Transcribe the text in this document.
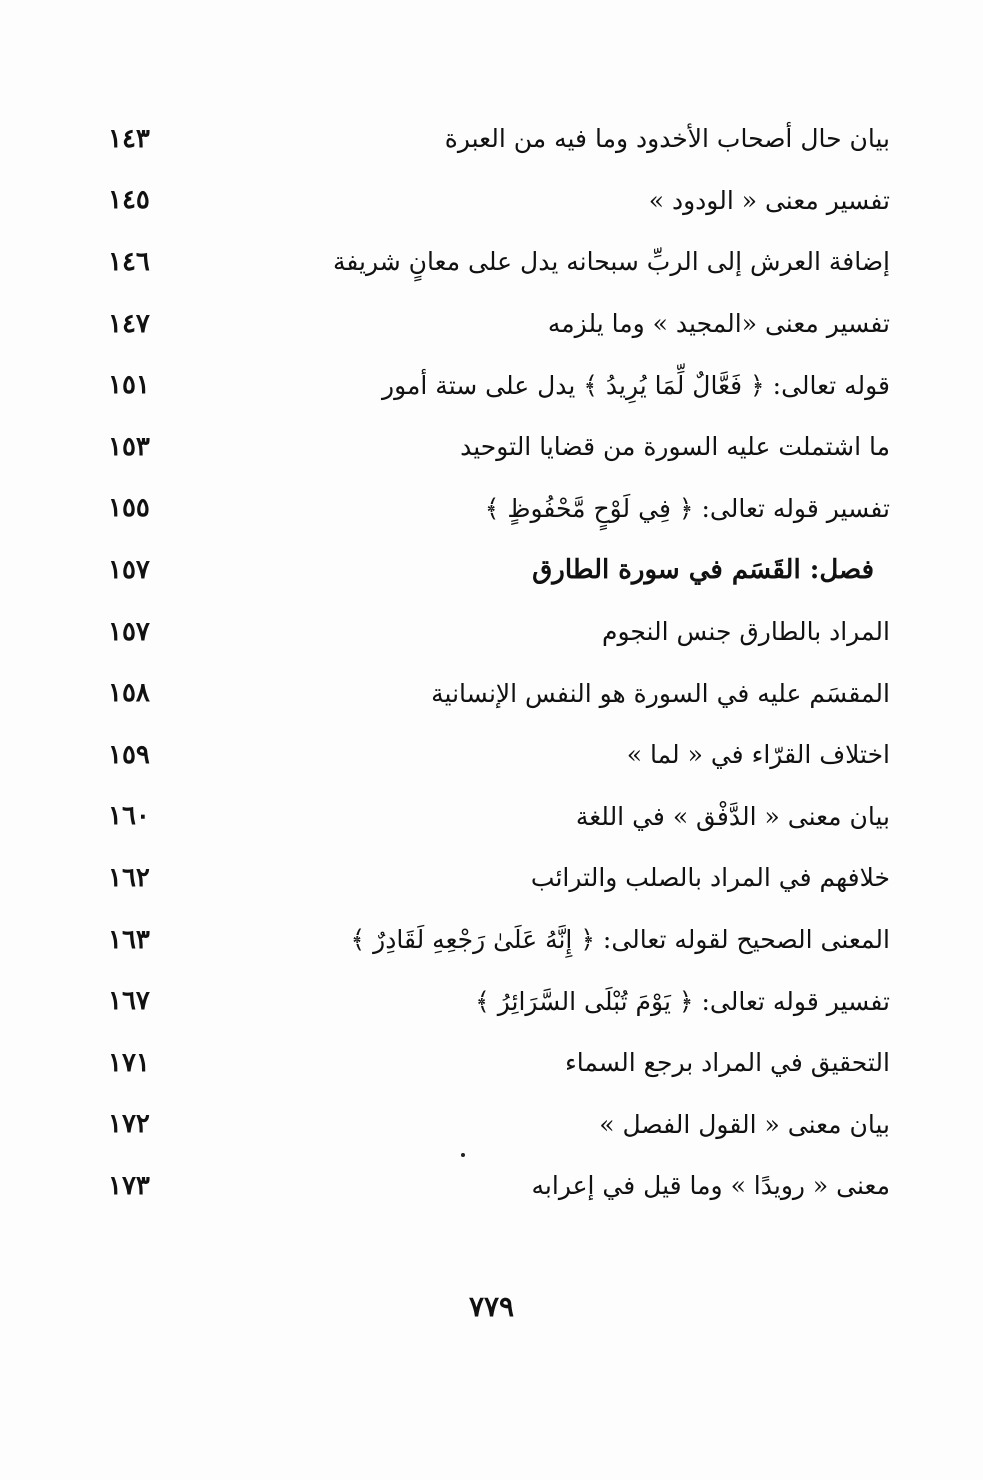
١٤٣	بيان حال أصحاب الأخدود وما فيه من العبرة
١٤٥	تفسير معنى « الودود »
١٤٦	إضافة العرش إلى الربِّ سبحانه يدل على معانٍ شريفة
١٤٧	تفسير معنى «المجيد » وما يلزمه
١٥١	قوله تعالى: ﴿ فَعَّالٌ لِّمَا يُرِيدُ ﴾ يدل على ستة أمور
١٥٣	ما اشتملت عليه السورة من قضايا التوحيد
١٥٥	تفسير قوله تعالى: ﴿ فِي لَوْحٍ مَّحْفُوظٍ ﴾
١٥٧	فصل: القَسَم في سورة الطارق
١٥٧	المراد بالطارق جنس النجوم
١٥٨	المقسَم عليه في السورة هو النفس الإنسانية
١٥٩	اختلاف القرّاء في « لما »
١٦٠	بيان معنى « الدَّفْق » في اللغة
١٦٢	خلافهم في المراد بالصلب والترائب
١٦٣	المعنى الصحيح لقوله تعالى: ﴿ إِنَّهُ عَلَىٰ رَجْعِهِ لَقَادِرٌ ﴾
١٦٧	تفسير قوله تعالى: ﴿ يَوْمَ تُبْلَى السَّرَائِرُ ﴾
١٧١	التحقيق في المراد برجع السماء
١٧٢	بيان معنى « القول الفصل »
١٧٣	معنى « رويدًا » وما قيل في إعرابه
٧٧٩
